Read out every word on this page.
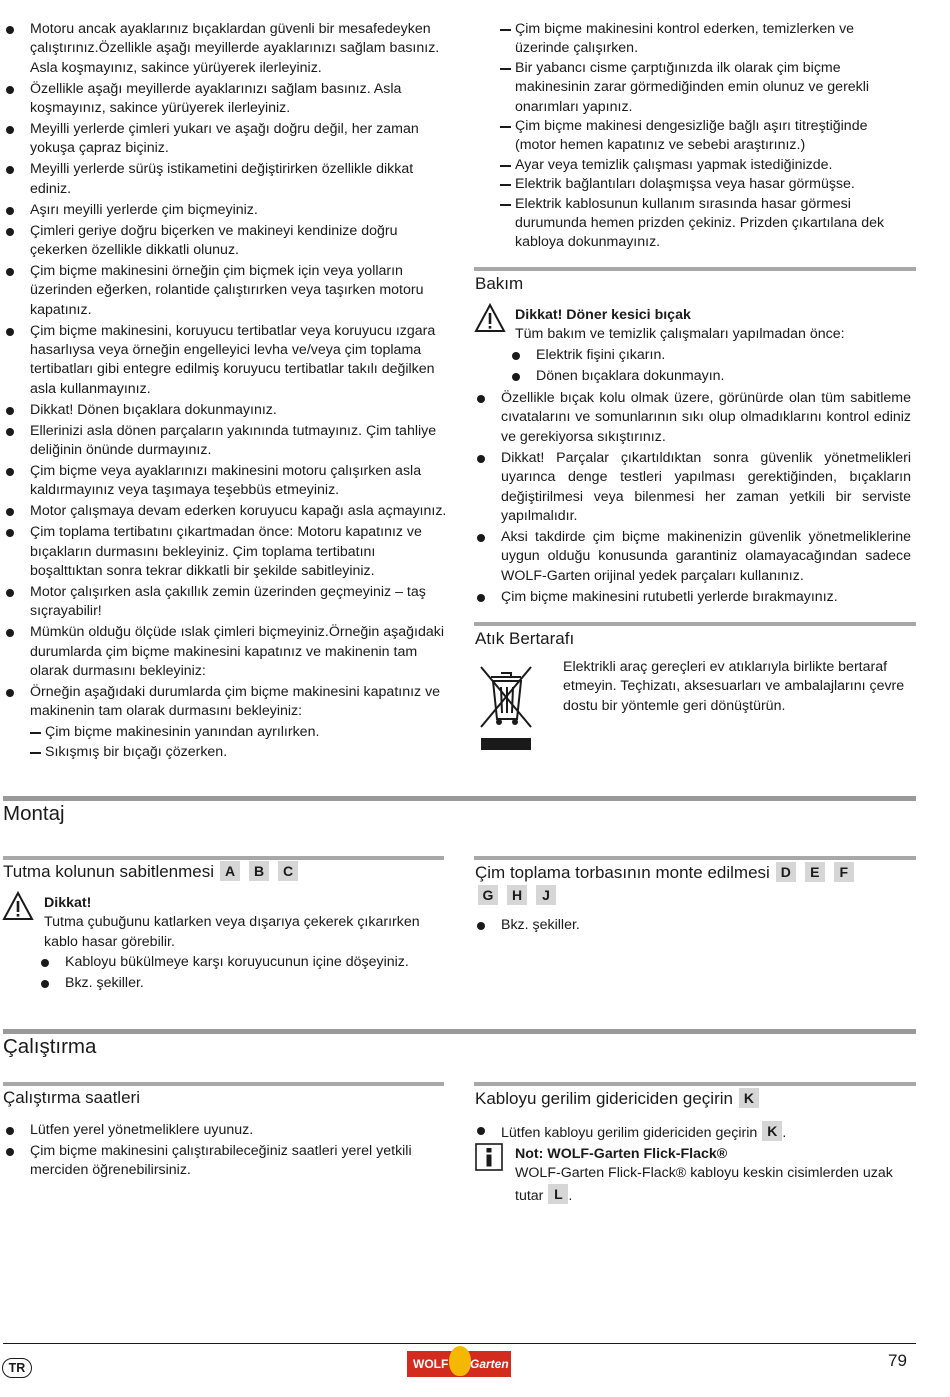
Motoru ancak ayaklarınız bıçaklardan güvenli bir mesafedeyken çalıştırınız.Özellikle aşağı meyillerde ayaklarınızı sağlam basınız. Asla koşmayınız, sakince yürüyerek ilerleyiniz.
Özellikle aşağı meyillerde ayaklarınızı sağlam basınız. Asla koşmayınız, sakince yürüyerek ilerleyiniz.
Meyilli yerlerde çimleri yukarı ve aşağı doğru değil, her zaman yokuşa çapraz biçiniz.
Meyilli yerlerde sürüş istikametini değiştirirken özellikle dikkat ediniz.
Aşırı meyilli yerlerde çim biçmeyiniz.
Çimleri geriye doğru biçerken ve makineyi kendinize doğru çekerken özellikle dikkatli olunuz.
Çim biçme makinesini örneğin çim biçmek için veya yolların üzerinden eğerken, rolantide çalıştırırken veya taşırken motoru kapatınız.
Çim biçme makinesini, koruyucu tertibatlar veya koruyucu ızgara hasarlıysa veya örneğin engelleyici levha ve/veya çim toplama tertibatları gibi entegre edilmiş koruyucu tertibatlar takılı değilken asla kullanmayınız.
Dikkat! Dönen bıçaklara dokunmayınız.
Ellerinizi asla dönen parçaların yakınında tutmayınız. Çim tahliye deliğinin önünde durmayınız.
Çim biçme veya ayaklarınızı makinesini motoru çalışırken asla kaldırmayınız veya taşımaya teşebbüs etmeyiniz.
Motor çalışmaya devam ederken koruyucu kapağı asla açmayınız.
Çim toplama tertibatını çıkartmadan önce: Motoru kapatınız ve bıçakların durmasını bekleyiniz. Çim toplama tertibatını boşalttıktan sonra tekrar dikkatli bir şekilde sabitleyiniz.
Motor çalışırken asla çakıllık zemin üzerinden geçmeyiniz – taş sıçrayabilir!
Mümkün olduğu ölçüde ıslak çimleri biçmeyiniz.Örneğin aşağıdaki durumlarda çim biçme makinesini kapatınız ve makinenin tam olarak durmasını bekleyiniz:
Örneğin aşağıdaki durumlarda çim biçme makinesini kapatınız ve makinenin tam olarak durmasını bekleyiniz:
Çim biçme makinesinin yanından ayrılırken.
Sıkışmış bir bıçağı çözerken.
Çim biçme makinesini kontrol ederken, temizlerken ve üzerinde çalışırken.
Bir yabancı cisme çarptığınızda ilk olarak çim biçme makinesinin zarar görmediğinden emin olunuz ve gerekli onarımları yapınız.
Çim biçme makinesi dengesizliğe bağlı aşırı titreştiğinde (motor hemen kapatınız ve sebebi araştırınız.)
Ayar veya temizlik çalışması yapmak istediğinizde.
Elektrik bağlantıları dolaşmışsa veya hasar görmüşse.
Elektrik kablosunun kullanım sırasında hasar görmesi durumunda hemen prizden çekiniz. Prizden çıkartılana dek kabloya dokunmayınız.
Bakım
Dikkat! Döner kesici bıçak
Tüm bakım ve temizlik çalışmaları yapılmadan önce:
Elektrik fişini çıkarın.
Dönen bıçaklara dokunmayın.
Özellikle bıçak kolu olmak üzere, görünürde olan tüm sabitleme cıvatalarını ve somunlarının sıkı olup olmadıklarını kontrol ediniz ve gerekiyorsa sıkıştırınız.
Dikkat! Parçalar çıkartıldıktan sonra güvenlik yönetmelikleri uyarınca denge testleri yapılması gerektiğinden, bıçakların değiştirilmesi veya bilenmesi her zaman yetkili bir serviste yapılmalıdır.
Aksi takdirde çim biçme makinenizin güvenlik yönetmeliklerine uygun olduğu konusunda garantiniz olamayacağından sadece WOLF-Garten orijinal yedek parçaları kullanınız.
Çim biçme makinesini rutubetli yerlerde bırakmayınız.
Atık Bertarafı
Elektrikli araç gereçleri ev atıklarıyla birlikte bertaraf etmeyin. Teçhizatı, aksesuarları ve ambalajlarını çevre dostu bir yöntemle geri dönüştürün.
Montaj
Tutma kolunun sabitlenmesi A B C
Dikkat!
Tutma çubuğunu katlarken veya dışarıya çekerek çıkarırken kablo hasar görebilir.
Kabloyu bükülmeye karşı koruyucunun içine döşeyiniz.
Bkz. şekiller.
Çim toplama torbasının monte edilmesi D E F
G H J
Bkz. şekiller.
Çalıştırma
Çalıştırma saatleri
Lütfen yerel yönetmeliklere uyunuz.
Çim biçme makinesini çalıştırabileceğiniz saatleri yerel yetkili merciden öğrenebilirsiniz.
Kabloyu gerilim gidericiden geçirin K
Lütfen kabloyu gerilim gidericiden geçirin K .
Not: WOLF-Garten Flick-Flack®
WOLF-Garten Flick-Flack® kabloyu keskin cisimlerden uzak tutar L .
TR	WOLF Garten	79
